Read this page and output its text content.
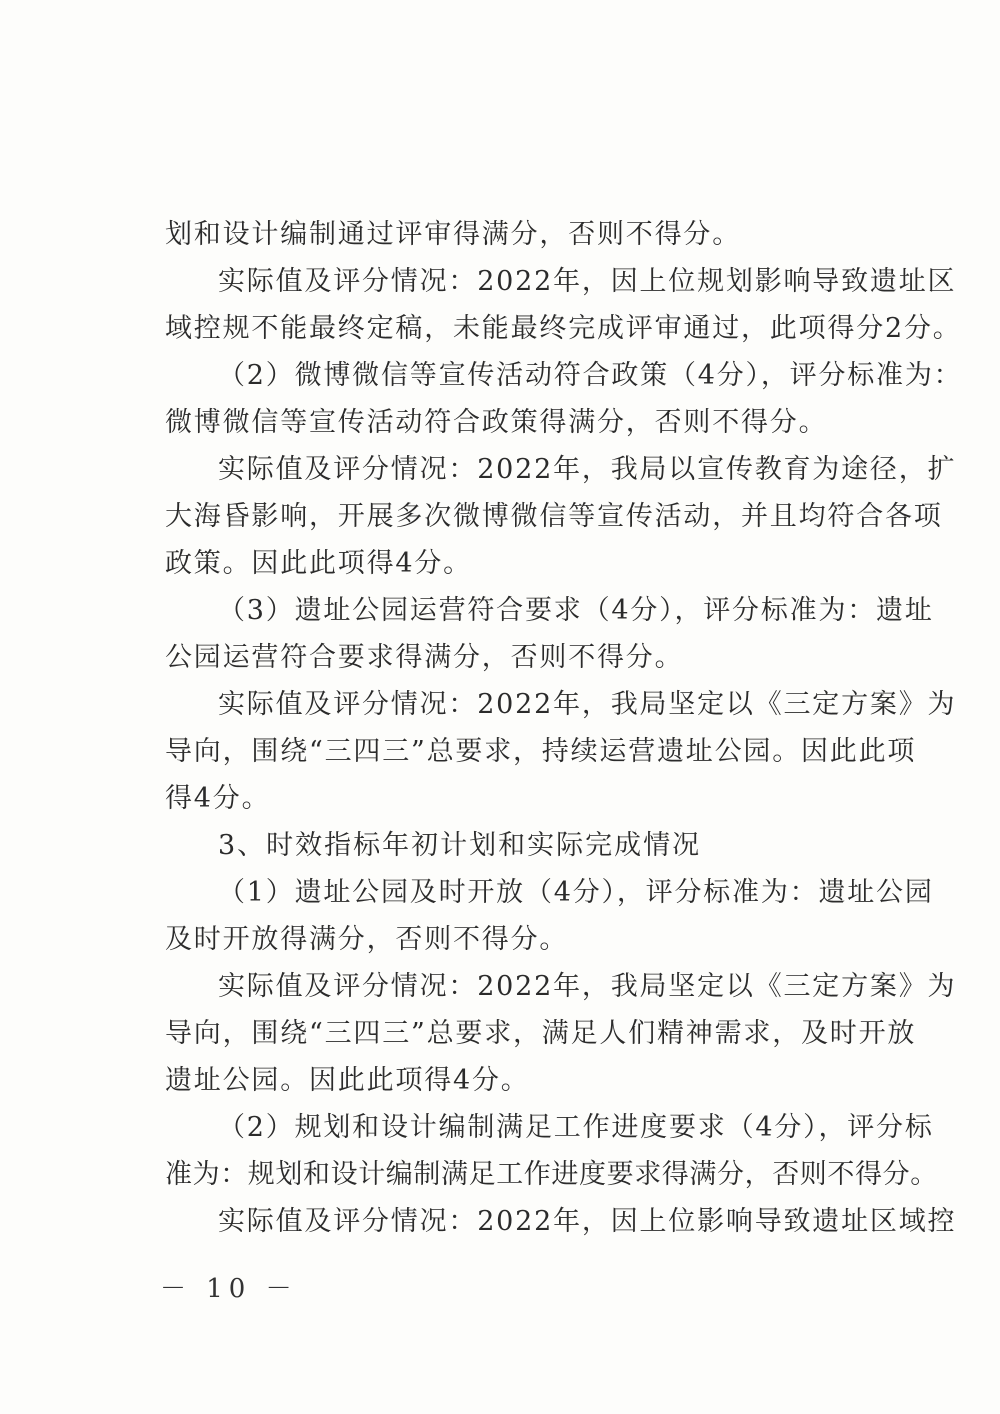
划和设计编制通过评审得满分，否则不得分。
实际值及评分情况：2022年，因上位规划影响导致遗址区
域控规不能最终定稿，未能最终完成评审通过，此项得分2分。
（2）微博微信等宣传活动符合政策（4分），评分标准为：
微博微信等宣传活动符合政策得满分，否则不得分。
实际值及评分情况：2022年，我局以宣传教育为途径，扩
大海昏影响，开展多次微博微信等宣传活动，并且均符合各项
政策。因此此项得4分。
（3）遗址公园运营符合要求（4分），评分标准为：遗址
公园运营符合要求得满分，否则不得分。
实际值及评分情况：2022年，我局坚定以《三定方案》为
导向，围绕“三四三”总要求，持续运营遗址公园。因此此项
得4分。
3、时效指标年初计划和实际完成情况
（1）遗址公园及时开放（4分），评分标准为：遗址公园
及时开放得满分，否则不得分。
实际值及评分情况：2022年，我局坚定以《三定方案》为
导向，围绕“三四三”总要求，满足人们精神需求，及时开放
遗址公园。因此此项得4分。
（2）规划和设计编制满足工作进度要求（4分），评分标
准为：规划和设计编制满足工作进度要求得满分，否则不得分。
实际值及评分情况：2022年，因上位影响导致遗址区域控
－ 10 －
